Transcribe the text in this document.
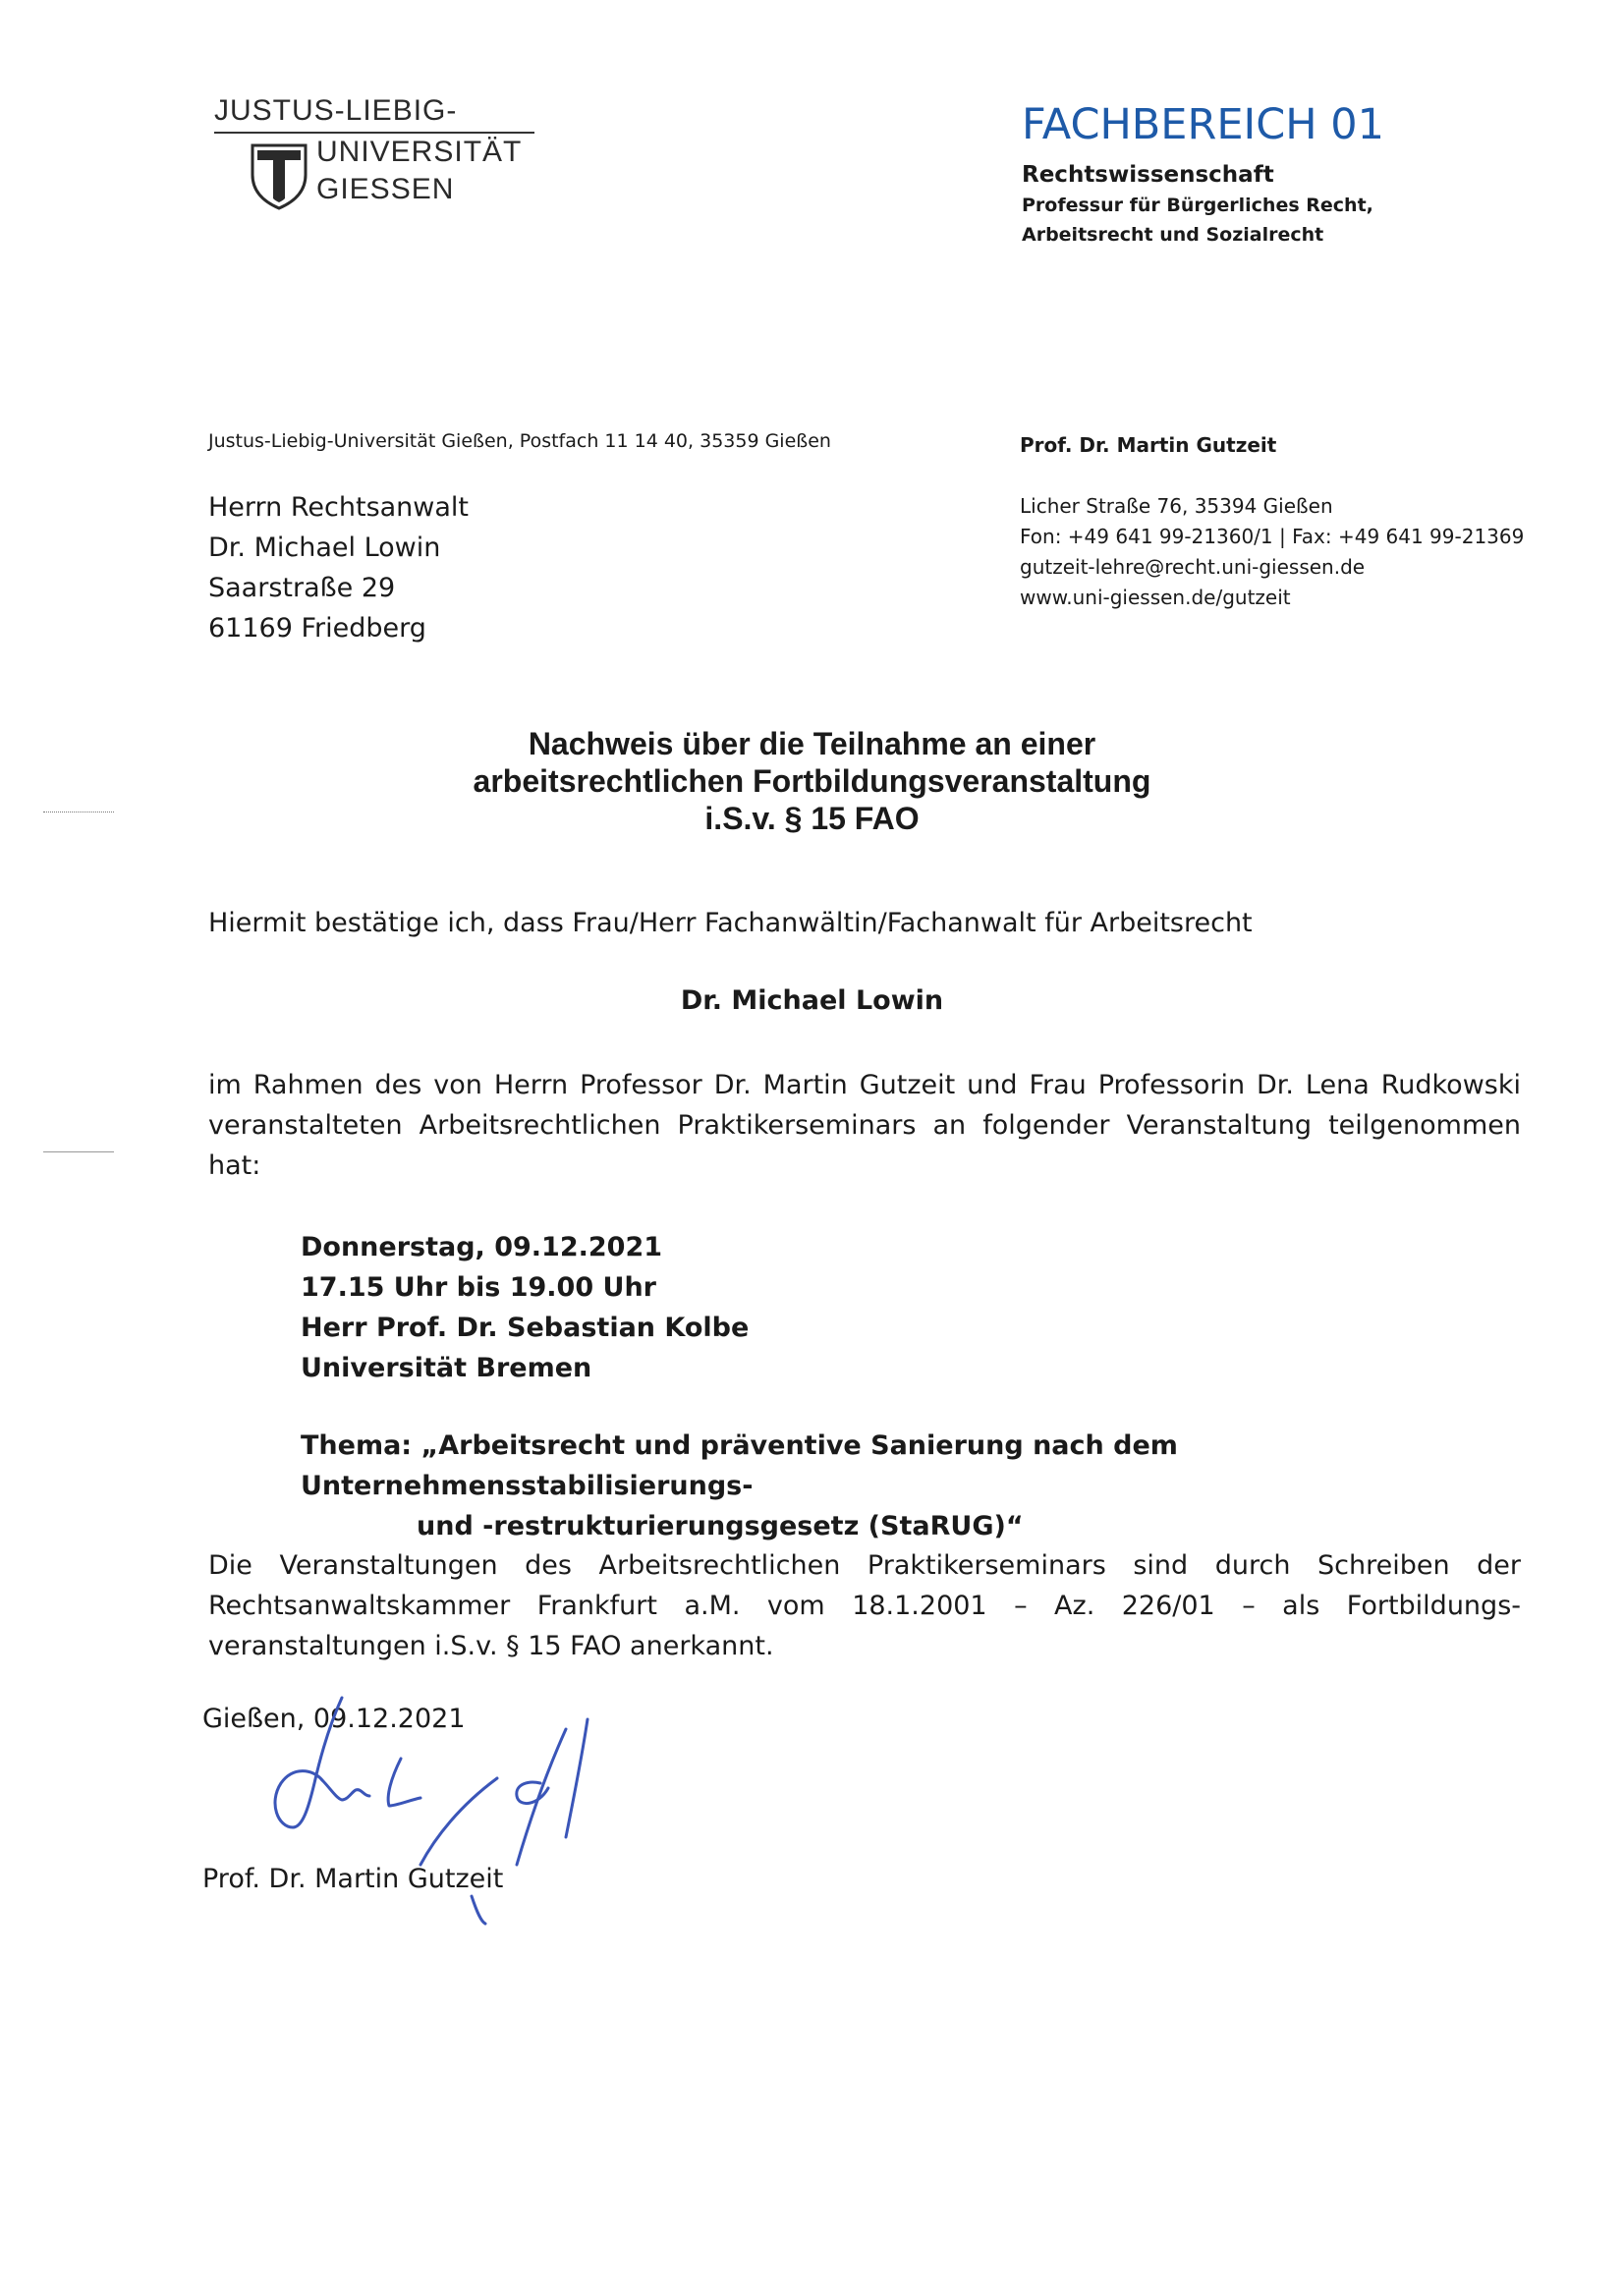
JUSTUS-LIEBIG-
UNIVERSITÄT
GIESSEN
FACHBEREICH 01
Rechtswissenschaft
Professur für Bürgerliches Recht,
Arbeitsrecht und Sozialrecht
Justus-Liebig-Universität Gießen, Postfach 11 14 40, 35359 Gießen
Herrn Rechtsanwalt
Dr. Michael Lowin
Saarstraße 29
61169 Friedberg
Prof. Dr. Martin Gutzeit
Licher Straße 76, 35394 Gießen
Fon: +49 641 99-21360/1 | Fax: +49 641 99-21369
gutzeit-lehre@recht.uni-giessen.de
www.uni-giessen.de/gutzeit
Nachweis über die Teilnahme an einer
arbeitsrechtlichen Fortbildungsveranstaltung
i.S.v. § 15 FAO
Hiermit bestätige ich, dass Frau/Herr Fachanwältin/Fachanwalt für Arbeitsrecht
Dr. Michael Lowin
im Rahmen des von Herrn Professor Dr. Martin Gutzeit und Frau Professorin Dr. Lena Rudkowski veranstalteten Arbeitsrechtlichen Praktikerseminars an folgender Veranstaltung teilgenommen hat:
Donnerstag, 09.12.2021
17.15 Uhr bis 19.00 Uhr
Herr Prof. Dr. Sebastian Kolbe
Universität Bremen
Thema: „Arbeitsrecht und präventive Sanierung nach dem Unternehmensstabilisierungs-
und -restrukturierungsgesetz (StaRUG)“
Die Veranstaltungen des Arbeitsrechtlichen Praktikerseminars sind durch Schreiben der Rechtsanwaltskammer Frankfurt a.M. vom 18.1.2001 – Az. 226/01 – als Fortbildungs-veranstaltungen i.S.v. § 15 FAO anerkannt.
Gießen, 09.12.2021
Prof. Dr. Martin Gutzeit
